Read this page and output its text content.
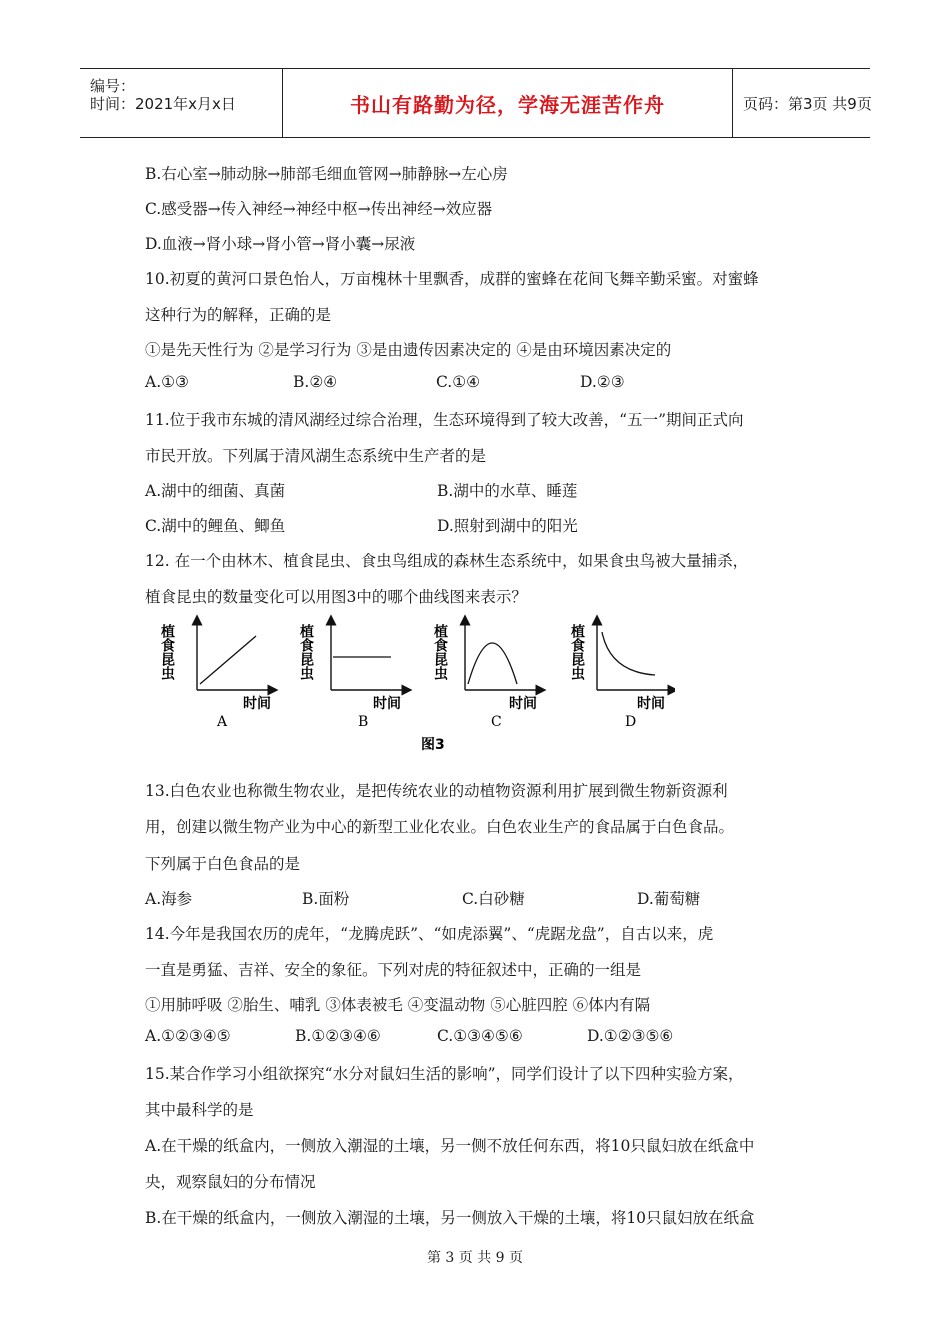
编号：
时间：2021年x月x日	书山有路勤为径，学海无涯苦作舟	页码：第3页 共9页
B.右心室→肺动脉→肺部毛细血管网→肺静脉→左心房
C.感受器→传入神经→神经中枢→传出神经→效应器
D.血液→肾小球→肾小管→肾小囊→尿液
10.初夏的黄河口景色怡人，万亩槐林十里飘香，成群的蜜蜂在花间飞舞辛勤采蜜。对蜜蜂
这种行为的解释，正确的是
①是先天性行为 ②是学习行为 ③是由遗传因素决定的 ④是由环境因素决定的
A.①③	B.②④	C.①④	D.②③
11.位于我市东城的清风湖经过综合治理，生态环境得到了较大改善，“五一”期间正式向
市民开放。下列属于清风湖生态系统中生产者的是
A.湖中的细菌、真菌	B.湖中的水草、睡莲
C.湖中的鲤鱼、鲫鱼	D.照射到湖中的阳光
12. 在一个由林木、植食昆虫、食虫鸟组成的森林生态系统中，如果食虫鸟被大量捕杀，
植食昆虫的数量变化可以用图3中的哪个曲线图来表示？
植食昆虫
时间
A
植食昆虫
时间
B
植食昆虫
时间
C
植食昆虫
时间
D
图3
13.白色农业也称微生物农业，是把传统农业的动植物资源利用扩展到微生物新资源利
用，创建以微生物产业为中心的新型工业化农业。白色农业生产的食品属于白色食品。
下列属于白色食品的是
A.海参	B.面粉	C.白砂糖	D.葡萄糖
14.今年是我国农历的虎年，“龙腾虎跃”、“如虎添翼”、“虎踞龙盘”，自古以来，虎
一直是勇猛、吉祥、安全的象征。下列对虎的特征叙述中，正确的一组是
①用肺呼吸 ②胎生、哺乳 ③体表被毛 ④变温动物 ⑤心脏四腔 ⑥体内有隔
A.①②③④⑤	B.①②③④⑥	C.①③④⑤⑥	D.①②③⑤⑥
15.某合作学习小组欲探究“水分对鼠妇生活的影响”，同学们设计了以下四种实验方案，
其中最科学的是
A.在干燥的纸盒内，一侧放入潮湿的土壤，另一侧不放任何东西，将10只鼠妇放在纸盒中
央，观察鼠妇的分布情况
B.在干燥的纸盒内，一侧放入潮湿的土壤，另一侧放入干燥的土壤，将10只鼠妇放在纸盒
第 3 页 共 9 页
